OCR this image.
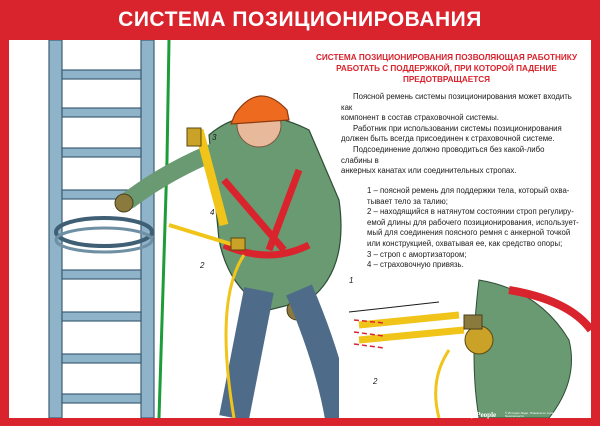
СИСТЕМА ПОЗИЦИОНИРОВАНИЯ
3
4
2
1
2
СИСТЕМА ПОЗИЦИОНИРОВАНИЯ ПОЗВОЛЯЮЩАЯ РАБОТНИКУ
РАБОТАТЬ С ПОДДЕРЖКОЙ, ПРИ КОТОРОЙ ПАДЕНИЕ ПРЕДОТВРАЩАЕТСЯ

Поясной ремень системы позиционирования может входить как

компонент в состав страховочной системы.

Работник при использовании системы позиционирования

должен быть всегда присоединен к страховочной системе.

Подсоединение должно проводиться без какой-либо слабины в

анкерных канатах или соединительных стропах.

1 – поясной ремень для поддержки тела, который охва-

тывает тело за талию;

2 – находящийся в натянутом состоянии строп регулиру-

емой длины для рабочего позиционирования, использует-

мый для соединения поясного ремня с анкерной точкой

или конструкцией, охватывая ее, как средство опоры;

3 – строп с амортизатором;

4 – страховочную привязь.

History People	© История Люди. Плакаты по охране труда и промышленной безопасности
